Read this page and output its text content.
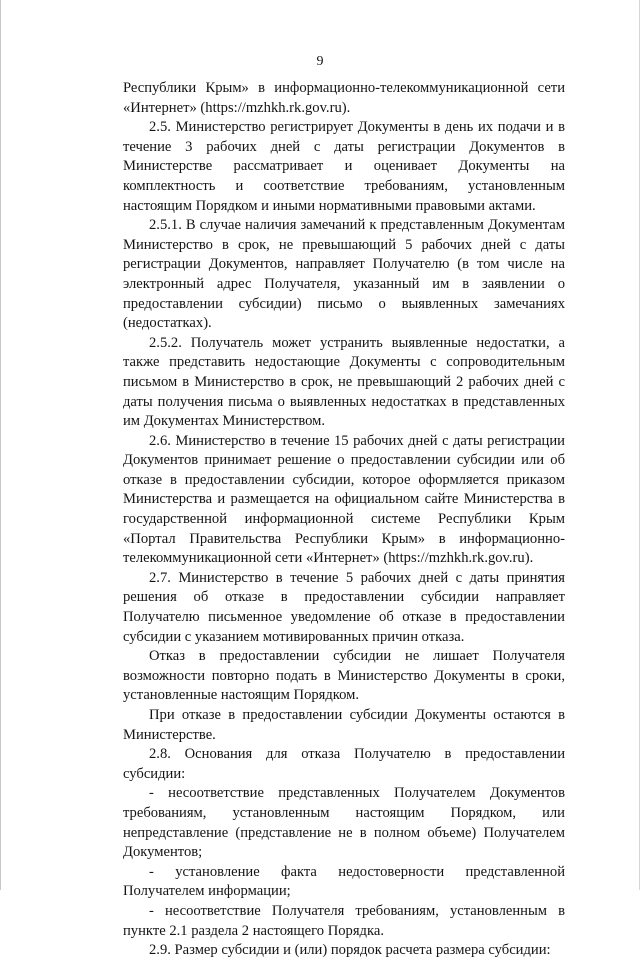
9

Республики Крым» в информационно-телекоммуникационной сети «Интернет» (https://mzhkh.rk.gov.ru).

2.5. Министерство регистрирует Документы в день их подачи и в течение 3 рабочих дней с даты регистрации Документов в Министерстве рассматривает и оценивает Документы на комплектность и соответствие требованиям, установленным настоящим Порядком и иными нормативными правовыми актами.

2.5.1. В случае наличия замечаний к представленным Документам Министерство в срок, не превышающий 5 рабочих дней с даты регистрации Документов, направляет Получателю (в том числе на электронный адрес Получателя, указанный им в заявлении о предоставлении субсидии) письмо о выявленных замечаниях (недостатках).

2.5.2. Получатель может устранить выявленные недостатки, а также представить недостающие Документы с сопроводительным письмом в Министерство в срок, не превышающий 2 рабочих дней с даты получения письма о выявленных недостатках в представленных им Документах Министерством.

2.6. Министерство в течение 15 рабочих дней с даты регистрации Документов принимает решение о предоставлении субсидии или об отказе в предоставлении субсидии, которое оформляется приказом Министерства и размещается на официальном сайте Министерства в государственной информационной системе Республики Крым «Портал Правительства Республики Крым» в информационно-телекоммуникационной сети «Интернет» (https://mzhkh.rk.gov.ru).

2.7. Министерство в течение 5 рабочих дней с даты принятия решения об отказе в предоставлении субсидии направляет Получателю письменное уведомление об отказе в предоставлении субсидии с указанием мотивированных причин отказа.

Отказ в предоставлении субсидии не лишает Получателя возможности повторно подать в Министерство Документы в сроки, установленные настоящим Порядком.

При отказе в предоставлении субсидии Документы остаются в Министерстве.

2.8. Основания для отказа Получателю в предоставлении субсидии:

- несоответствие представленных Получателем Документов требованиям, установленным настоящим Порядком, или непредставление (представление не в полном объеме) Получателем Документов;

- установление факта недостоверности представленной Получателем информации;

- несоответствие Получателя требованиям, установленным в пункте 2.1 раздела 2 настоящего Порядка.

2.9. Размер субсидии и (или) порядок расчета размера субсидии:
